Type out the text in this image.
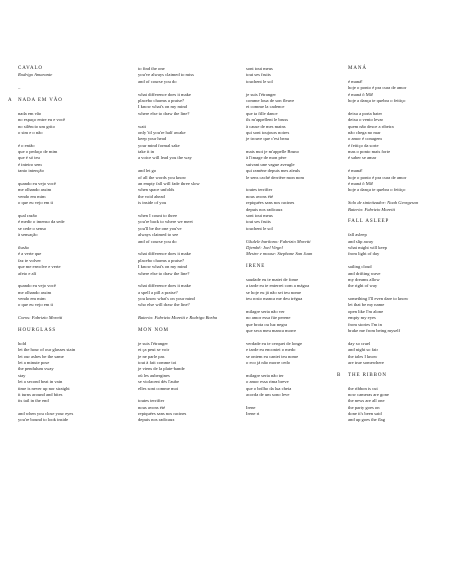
CAVALO
Rodrigo Amarante
–
A NADA EM VÃO
nada em vão
no espaço entre eu e você
no silêncio um grito
o sim e o não
é o então
que o pedaço de mim
que é só teu
é inteiro sem
tanto intenção
quando eu vejo você
me olhando assim
vendo em mim
o que eu vejo em ti
qual razão
é medir o imenso da sede
se cede o senso
à sensação
ilusão
é a verte que
faz te volver
que me envolve e verte
afeto e alí
quando eu vejo você
me olhando assim
vendo em mim
o que eu vejo em ti
Coros: Fabrizio Moretti
HOURGLASS
hold
let the hour of our glasses stain
let our ashes be the same
let a minute pose
the pendulum sway
stay
let a second beat in vain
time is never up nor straight
it turns around and bites
its tail in the end
and when you close your eyes
you're bound to look inside
to find the one
you've always claimed to miss
and of course you do
what difference does it make
placebo charms a praise?
I know what's on my mind
where else to draw the line?
wait
only 'til you're half awake
keep your head
your mind formal sake
take it in
a voice will lead you the way
and let go
of all the words you know
an empty fall will fade three slow
when space unfolds
the void ahead
is inside of you
when I count to three
you're back to where we meet
you'll be the one you've
always claimed to see
and of course you do
what difference does it make
placebo charms a praise?
I know what's on my mind
where else to draw the line?
what difference does it make
a spell a pill a praise?
you know what's on your mind
who else will draw the line?
Bateria: Fabrizio Moretti e Rodrigo Borba
MON NOM
je suis l'étranger
et ça peut se voir
je ne parle pas
tout à fait comme toi
je viens de la plate-bande
où les aubergines
se violacent dès l'aube
elles sont comme moi
toutes terrifier
nous avons été
repiquées sans nos racines
depuis nos radicaux
sont tout meus
tout ses fruits
touchent le sol
je suis l'étranger
comme loua de son fleuve
et comme la cadence
que ta fille dance
ils m'appellent le bruss
à cause de mes mains
qui sont toujours noires
je trouve que c'est beau
mais moi je m'appelle Bruno
à l'image de mon père
suivant une vague aveugle
qui ramène depuis mes aïeuls
le sens caché derrière mon nom
toutes terrifier
nous avons été
repiquées sans nos racines
depuis nos radicaux
sont tout meus
tout ses fruits
touchent le sol
Ukulele barítono: Fabrizio Moretti
Djembê: Joel Virgel
Mestre e mouse: Stephane San Juan
IRENE
saudade eu te matei de fome
a tarde eu te enterrei com a mágoa
se hoje eu já não sei teu nome
teu rosto manca me deu trégua
milagre seria não ver
no amor essa fúe perene
que brota ou luz negra
que seca meu manca morre
verdade eu te cerquei de longe
e tarde eu encontei o medo
se ontem eu cantei teu nome
o eco já não morre cedo
milagre seria não ter
o amor essa rima breve
que o brilho da lua cheia
acorda de um sono leve
Irene
Irene ri
MANÁ
é maná!
hoje o ponto é pra cura de amor
é maná ô Mã!
hoje a dança te quebra o feitiço
deixa a porta bater
deixa o vento levar
quem não desce a ribeira
não chega no mar
o amor é conagem
é feitiço da sorte
mas o ponto mais forte
é saber se amar
é maná!
hoje o ponto é pra cura de amor
é maná ô Mã!
hoje a dança te quebra o feitiço
Solo de sintetizador: Noah Georgeson
Bateria: Fabrizio Moretti
FALL ASLEEP
fall asleep
and slip away
what might will keep
from light of day
sailing cloud
and drifting wave
my dreams allow
the right of way
something I'll even dare to know
let that be my name
open like I'm alone
empty my eyes
from stories I'm in
brake me from being myself
day so cruel
and night so fair
the tales I know
are true somewhere
B THE RIBBON
the ribbon is cut
now cameras are gone
the news are all one
the party goes on
done it's been said
and up goes the flag
